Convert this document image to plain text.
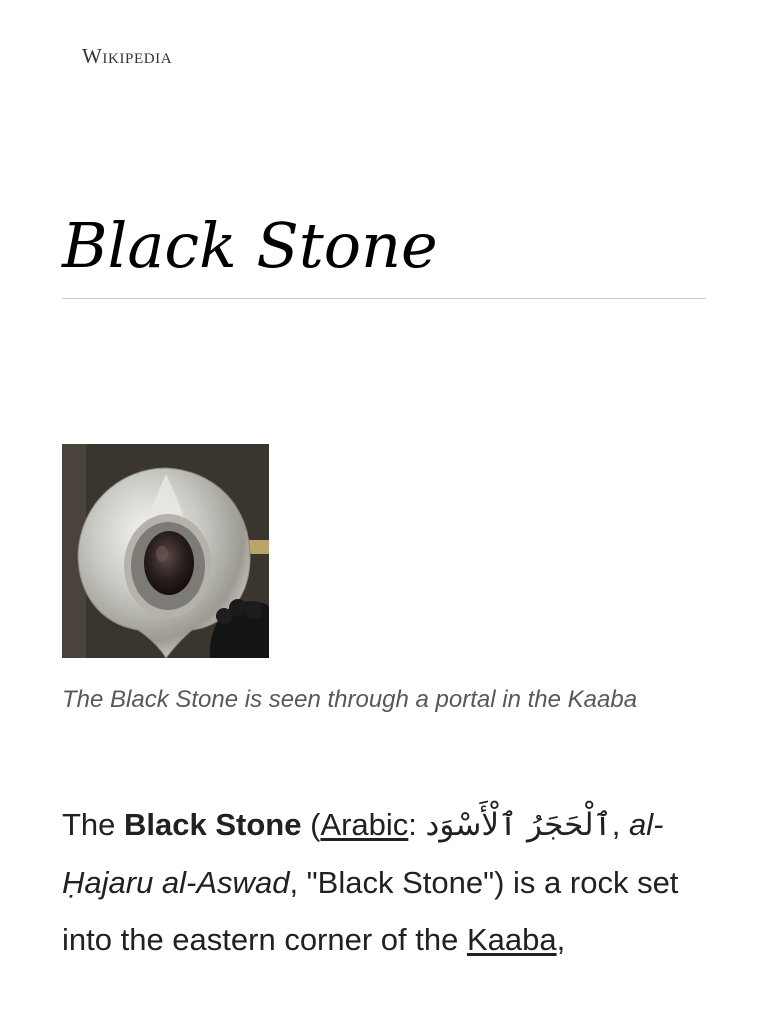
Wikipedia
Black Stone

The Black Stone is seen through a portal in the Kaaba

The Black Stone (Arabic: ٱلْحَجَرُ ٱلْأَسْوَد, al-Ḥajaru al-Aswad, "Black Stone") is a rock set into the eastern corner of the Kaaba,
